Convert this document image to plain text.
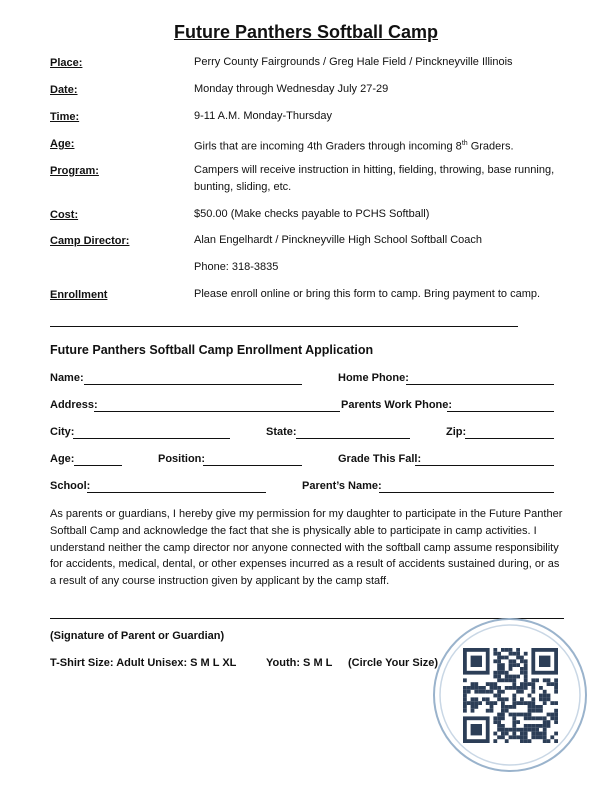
Future Panthers Softball Camp
Place:	Perry County Fairgrounds / Greg Hale Field / Pinckneyville Illinois
Date:	Monday through Wednesday July 27-29
Time:	9-11 A.M. Monday-Thursday
Age:	Girls that are incoming 4th Graders through incoming 8th Graders.
Program:	Campers will receive instruction in hitting, fielding, throwing, base running, bunting, sliding, etc.
Cost:	$50.00 (Make checks payable to PCHS Softball)
Camp Director:	Alan Engelhardt / Pinckneyville High School Softball Coach
Phone: 318-3835
Enrollment	Please enroll online or bring this form to camp. Bring payment to camp.
Future Panthers Softball Camp Enrollment Application
Name:	Home Phone:
Address:	Parents Work Phone:
City:	State:	Zip:
Age:	Position:	Grade This Fall:
School:	Parent’s Name:
As parents or guardians, I hereby give my permission for my daughter to participate in the Future Panther Softball Camp and acknowledge the fact that she is physically able to participate in camp activities. I understand neither the camp director nor anyone connected with the softball camp assume responsibility for accidents, medical, dental, or other expenses incurred as a result of accidents sustained during, or as a result of any course instruction given by applicant by the camp staff.
(Signature of Parent or Guardian)
T-Shirt Size: Adult Unisex: S M L XL	Youth: S M L (Circle Your Size)
